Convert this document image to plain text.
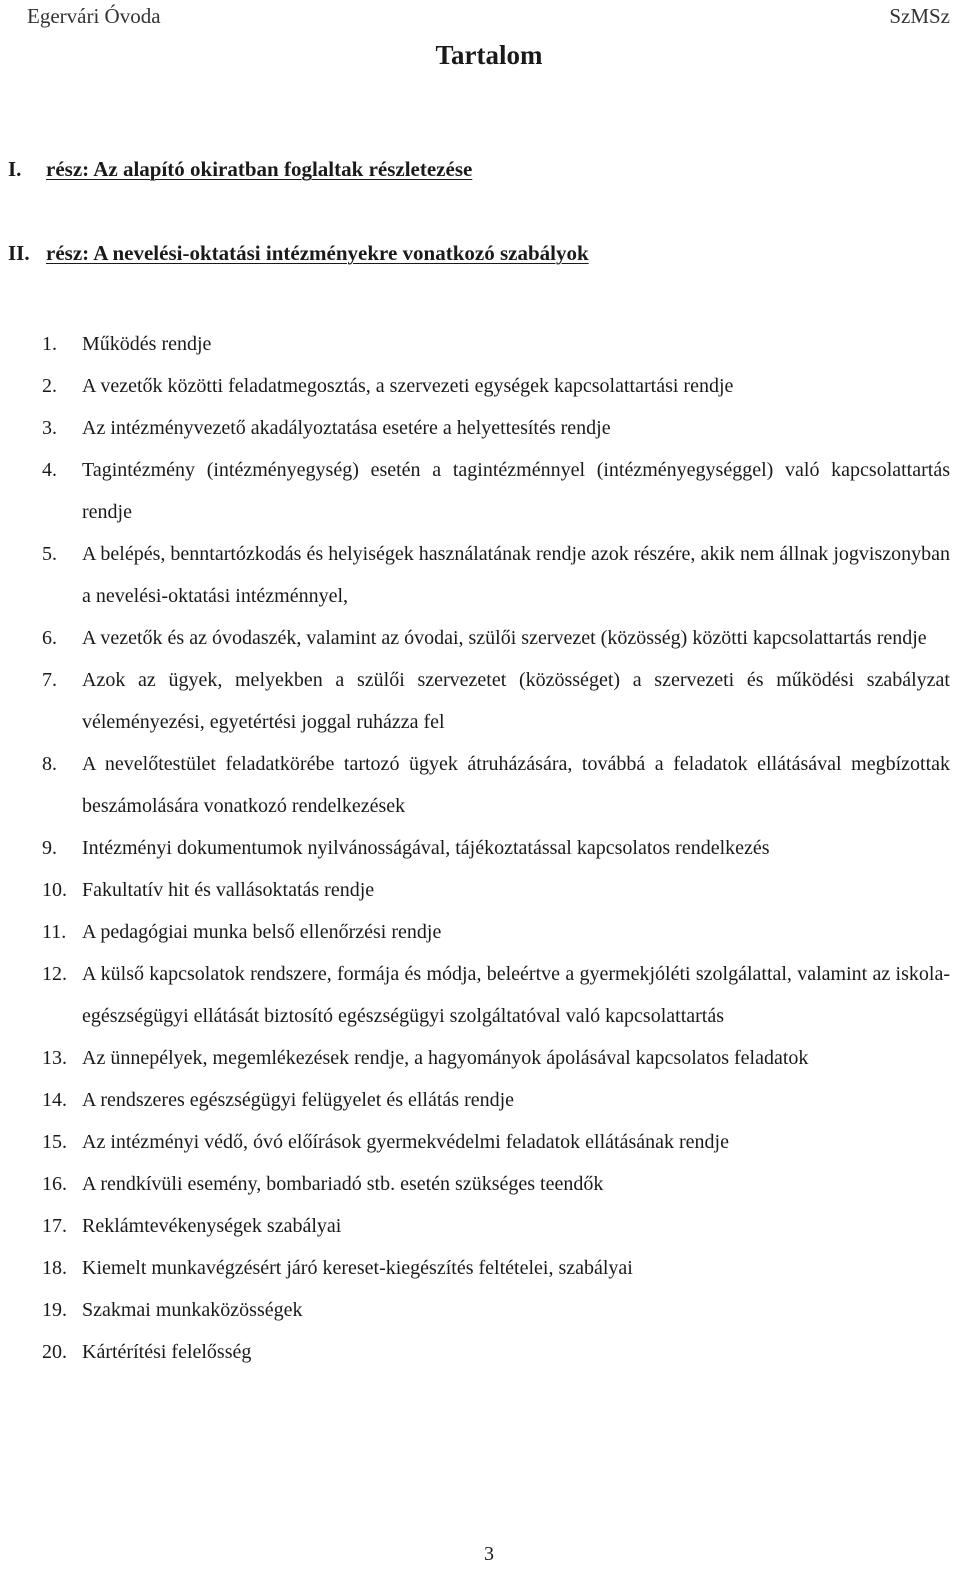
Egervári Óvoda	SzMSz
Tartalom
I. rész: Az alapító okiratban foglaltak részletezése
II. rész: A nevelési-oktatási intézményekre vonatkozó szabályok
1.	Működés rendje
2.	A vezetők közötti feladatmegosztás, a szervezeti egységek kapcsolattartási rendje
3.	Az intézményvezető akadályoztatása esetére a helyettesítés rendje
4.	Tagintézmény (intézményegység) esetén a tagintézménnyel (intézményegységgel) való kapcsolattartás rendje
5.	A belépés, benntartózkodás és helyiségek használatának rendje azok részére, akik nem állnak jogviszonyban a nevelési-oktatási intézménnyel,
6.	A vezetők és az óvodaszék, valamint az óvodai, szülői szervezet (közösség) közötti kapcsolattartás rendje
7.	Azok az ügyek, melyekben a szülői szervezetet (közösséget) a szervezeti és működési szabályzat véleményezési, egyetértési joggal ruházza fel
8.	A nevelőtestület feladatkörébe tartozó ügyek átruházására, továbbá a feladatok ellátásával megbízottak beszámolására vonatkozó rendelkezések
9.	Intézményi dokumentumok nyilvánosságával, tájékoztatással kapcsolatos rendelkezés
10. Fakultatív hit és vallásoktatás rendje
11. A pedagógiai munka belső ellenőrzési rendje
12. A külső kapcsolatok rendszere, formája és módja, beleértve a gyermekjóléti szolgálattal, valamint az iskola-egészségügyi ellátását biztosító egészségügyi szolgáltatóval való kapcsolattartás
13. Az ünnepélyek, megemlékezések rendje, a hagyományok ápolásával kapcsolatos feladatok
14. A rendszeres egészségügyi felügyelet és ellátás rendje
15. Az intézményi védő, óvó előírások gyermekvédelmi feladatok ellátásának rendje
16. A rendkívüli esemény, bombariadó stb. esetén szükséges teendők
17. Reklámtevékenységek szabályai
18. Kiemelt munkavégzésért járó kereset-kiegészítés feltételei, szabályai
19. Szakmai munkaközösségek
20. Kártérítési felelősség
3
